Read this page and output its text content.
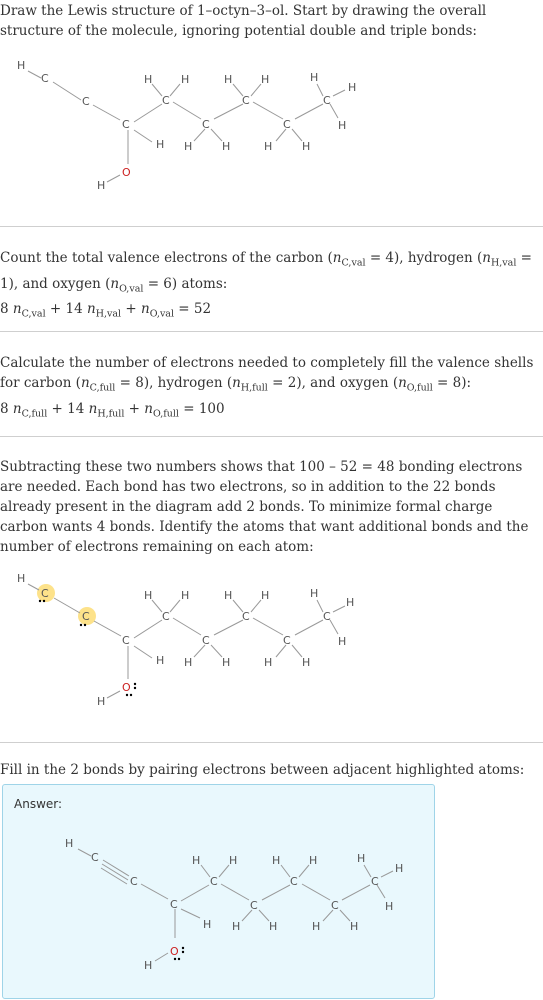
Draw the Lewis structure of 1–octyn–3–ol. Start by drawing the overall structure of the molecule, ignoring potential double and triple bonds:

H
C
C
C
H	H
C
H H
C
H
H	H
C
C
H	H
H
C
H
H
O
H

Count the total valence electrons of the carbon $(n_{C,val} = 4)$, hydrogen $(n_{H,val} = 1)$, and oxygen $(n_{O,val} = 6)$ atoms:

8 $n_{C,val} + 14$ $n_{H,val} + n_{O,val} = 52$

Calculate the number of electrons needed to completely fill the valence shells for carbon $(n_{C,full} = 8)$, hydrogen $(n_{H,full} = 2)$, and oxygen $(n_{O,full} = 8)$:

8 $n_{C,full} + 14$ $n_{H,full} + n_{O,full} = 100$

Subtracting these two numbers shows that 100 – 52 = 48 bonding electrons are needed. Each bond has two electrons, so in addition to the 22 bonds already present in the diagram add 2 bonds. To minimize formal charge carbon wants 4 bonds. Identify the atoms that want additional bonds and the number of electrons remaining on each atom:

H
C
C
C
H	H
C
H H
C
H
H	H
C
C
H	H
H
C
H
H
O
H

Fill in the 2 bonds by pairing electrons between adjacent highlighted atoms:

Answer:
H
C
C
C
H	H
C
H H
C
H
H	H
C
C
H	H
H
C
H
H
O
H
